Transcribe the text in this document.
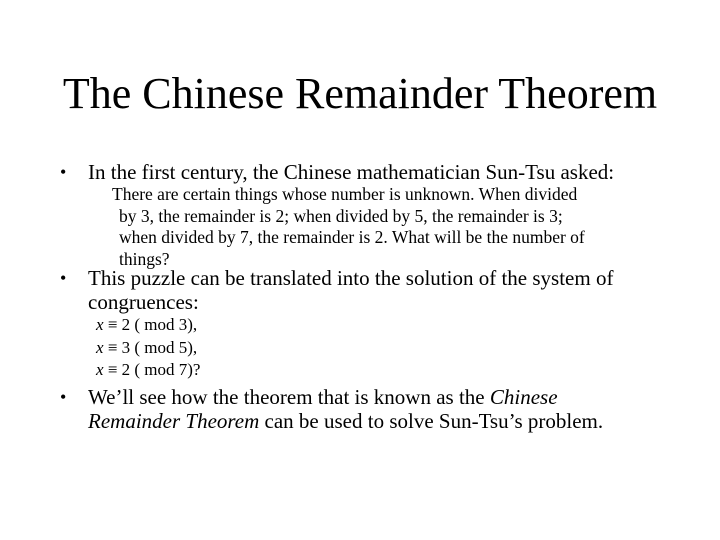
The Chinese Remainder Theorem
• In the first century, the Chinese mathematician Sun-Tsu asked:
There are certain things whose number is unknown. When divided
by 3, the remainder is 2; when divided by 5, the remainder is 3;
when divided by 7, the remainder is 2. What will be the number of
things?
• This puzzle can be translated into the solution of the system of
congruences:
x ≡ 2 ( mod 3),
x ≡ 3 ( mod 5),
x ≡ 2 ( mod 7)?
• We’ll see how the theorem that is known as the Chinese
Remainder Theorem can be used to solve Sun-Tsu’s problem.
